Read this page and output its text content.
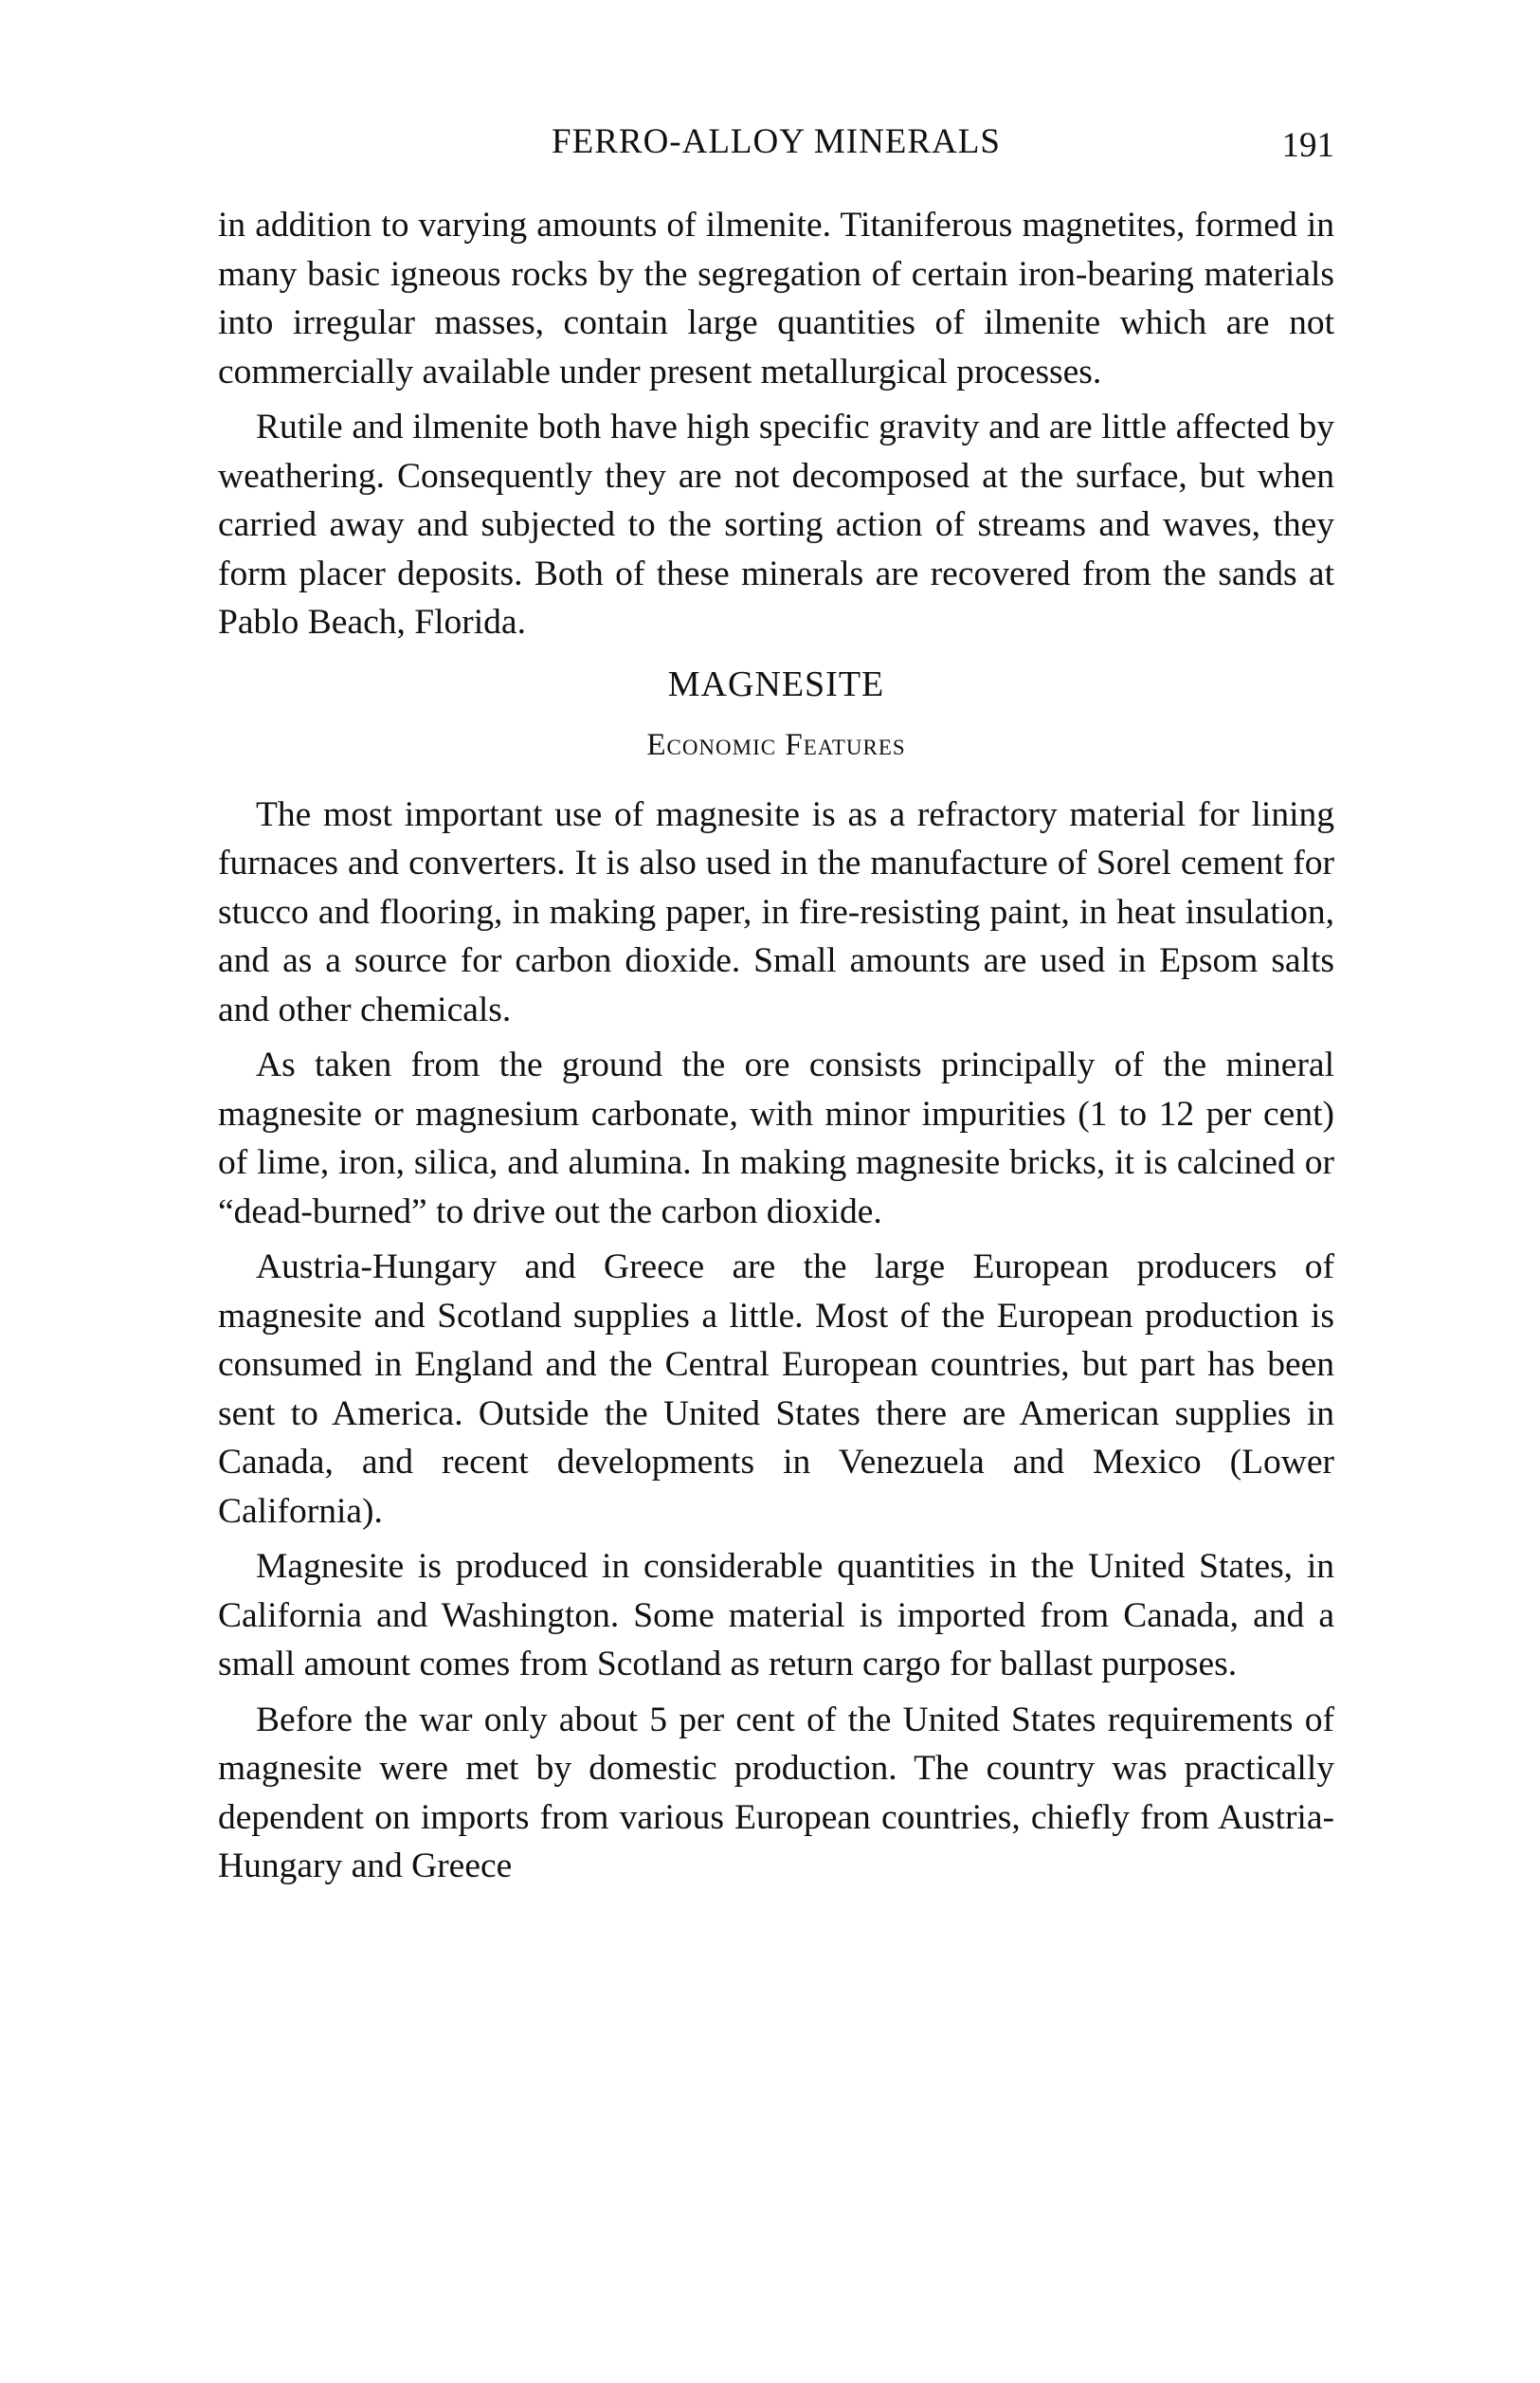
FERRO-ALLOY MINERALS	191

in addition to varying amounts of ilmenite. Titaniferous magnetites, formed in many basic igneous rocks by the segregation of certain iron-bearing materials into irregular masses, contain large quantities of ilmenite which are not commercially available under present metallurgical processes.

Rutile and ilmenite both have high specific gravity and are little affected by weathering. Consequently they are not decomposed at the surface, but when carried away and subjected to the sorting action of streams and waves, they form placer deposits. Both of these minerals are recovered from the sands at Pablo Beach, Florida.

MAGNESITE
Economic Features

The most important use of magnesite is as a refractory material for lining furnaces and converters. It is also used in the manufacture of Sorel cement for stucco and flooring, in making paper, in fire-resisting paint, in heat insulation, and as a source for carbon dioxide. Small amounts are used in Epsom salts and other chemicals.

As taken from the ground the ore consists principally of the mineral magnesite or magnesium carbonate, with minor impurities (1 to 12 per cent) of lime, iron, silica, and alumina. In making magnesite bricks, it is calcined or “dead-burned” to drive out the carbon dioxide.

Austria-Hungary and Greece are the large European producers of magnesite and Scotland supplies a little. Most of the European production is consumed in England and the Central European countries, but part has been sent to America. Outside the United States there are American supplies in Canada, and recent developments in Venezuela and Mexico (Lower California).

Magnesite is produced in considerable quantities in the United States, in California and Washington. Some material is imported from Canada, and a small amount comes from Scotland as return cargo for ballast purposes.

Before the war only about 5 per cent of the United States requirements of magnesite were met by domestic production. The country was practically dependent on imports from various European countries, chiefly from Austria-Hungary and Greece
